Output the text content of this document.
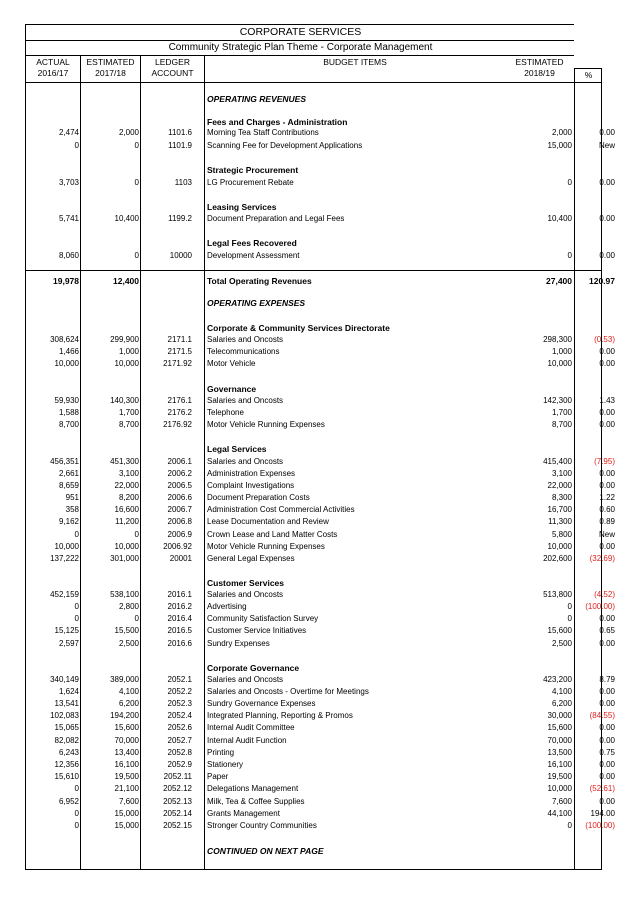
CORPORATE SERVICES
Community Strategic Plan Theme - Corporate Management
ACTUAL
2016/17
ESTIMATED
2017/18
LEDGER
ACCOUNT
BUDGET ITEMS	ESTIMATED
2018/19	%
OPERATING REVENUES
Fees and Charges - Administration
2,474	2,000	1101.6 Morning Tea Staff Contributions	2,000	0.00
0	0	1101.9 Scanning Fee for Development Applications	15,000	New
Strategic Procurement
3,703	0	1103 LG Procurement Rebate	0	0.00
Leasing Services
5,741	10,400	1199.2 Document Preparation and Legal Fees	10,400	0.00
Legal Fees Recovered
8,060	0	10000 Development Assessment	0	0.00
19,978	12,400	Total Operating Revenues	27,400	120.97
OPERATING EXPENSES
Corporate & Community Services Directorate
308,624	299,900	2171.1 Salaries and Oncosts	298,300	(0.53)
1,466	1,000	2171.5 Telecommunications	1,000	0.00
10,000	10,000	2171.92 Motor Vehicle	10,000	0.00
Governance
59,930	140,300	2176.1 Salaries and Oncosts	142,300	1.43
1,588	1,700	2176.2 Telephone	1,700	0.00
8,700	8,700	2176.92 Motor Vehicle Running Expenses	8,700	0.00
Legal Services
456,351	451,300	2006.1 Salaries and Oncosts	415,400	(7.95)
2,661	3,100	2006.2 Administration Expenses	3,100	0.00
8,659	22,000	2006.5 Complaint Investigations	22,000	0.00
951	8,200	2006.6 Document Preparation Costs	8,300	1.22
358	16,600	2006.7 Administration Cost Commercial Activities	16,700	0.60
9,162	11,200	2006.8 Lease Documentation and Review	11,300	0.89
0	0	2006.9 Crown Lease and Land Matter Costs	5,800	New
10,000	10,000	2006.92 Motor Vehicle Running Expenses	10,000	0.00
137,222	301,000	20001 General Legal Expenses	202,600	(32.69)
Customer Services
452,159	538,100	2016.1 Salaries and Oncosts	513,800	(4.52)
0	2,800	2016.2 Advertising	0	(100.00)
0	0	2016.4 Community Satisfaction Survey	0	0.00
15,125	15,500	2016.5 Customer Service Initiatives	15,600	0.65
2,597	2,500	2016.6 Sundry Expenses	2,500	0.00
Corporate Governance
340,149	389,000	2052.1 Salaries and Oncosts	423,200	8.79
1,624	4,100	2052.2 Salaries and Oncosts - Overtime for Meetings	4,100	0.00
13,541	6,200	2052.3 Sundry Governance Expenses	6,200	0.00
102,083	194,200	2052.4 Integrated Planning, Reporting & Promos	30,000	(84.55)
15,065	15,600	2052.6 Internal Audit Committee	15,600	0.00
82,082	70,000	2052.7 Internal Audit Function	70,000	0.00
6,243	13,400	2052.8 Printing	13,500	0.75
12,356	16,100	2052.9 Stationery	16,100	0.00
15,610	19,500	2052.11 Paper	19,500	0.00
0	21,100	2052.12 Delegations Management	10,000	(52.61)
6,952	7,600	2052.13 Milk, Tea & Coffee Supplies	7,600	0.00
0	15,000	2052.14 Grants Management	44,100	194.00
0	15,000	2052.15 Stronger Country Communities	0	(100.00)
CONTINUED ON NEXT PAGE
